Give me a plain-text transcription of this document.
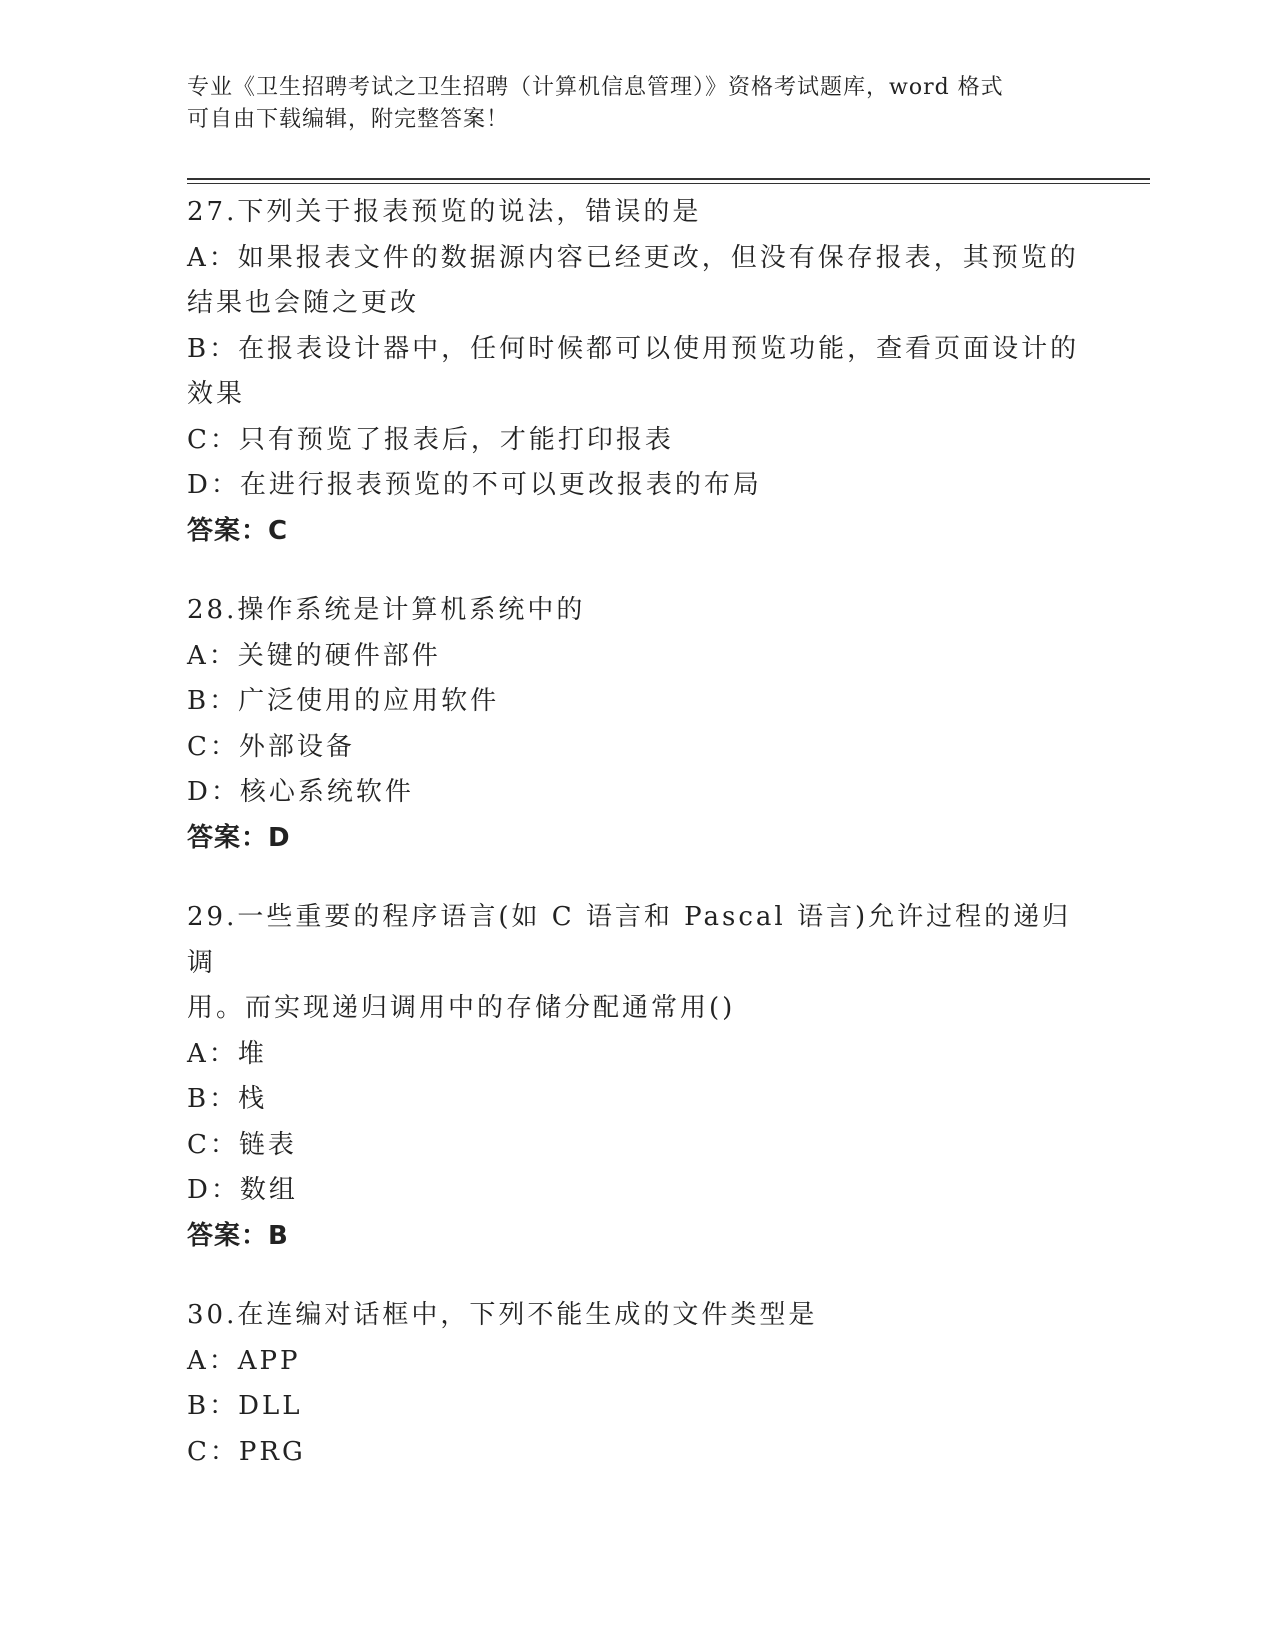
专业《卫生招聘考试之卫生招聘（计算机信息管理）》资格考试题库，word 格式
可自由下载编辑，附完整答案！
27.下列关于报表预览的说法，错误的是
A：如果报表文件的数据源内容已经更改，但没有保存报表，其预览的
结果也会随之更改
B：在报表设计器中，任何时候都可以使用预览功能，查看页面设计的
效果
C：只有预览了报表后，才能打印报表
D：在进行报表预览的不可以更改报表的布局
答案：C
28.操作系统是计算机系统中的
A：关键的硬件部件
B：广泛使用的应用软件
C：外部设备
D：核心系统软件
答案：D
29.一些重要的程序语言(如 C 语言和 Pascal 语言)允许过程的递归调
用。而实现递归调用中的存储分配通常用()
A：堆
B：栈
C：链表
D：数组
答案：B
30.在连编对话框中，下列不能生成的文件类型是
A：APP
B：DLL
C：PRG
